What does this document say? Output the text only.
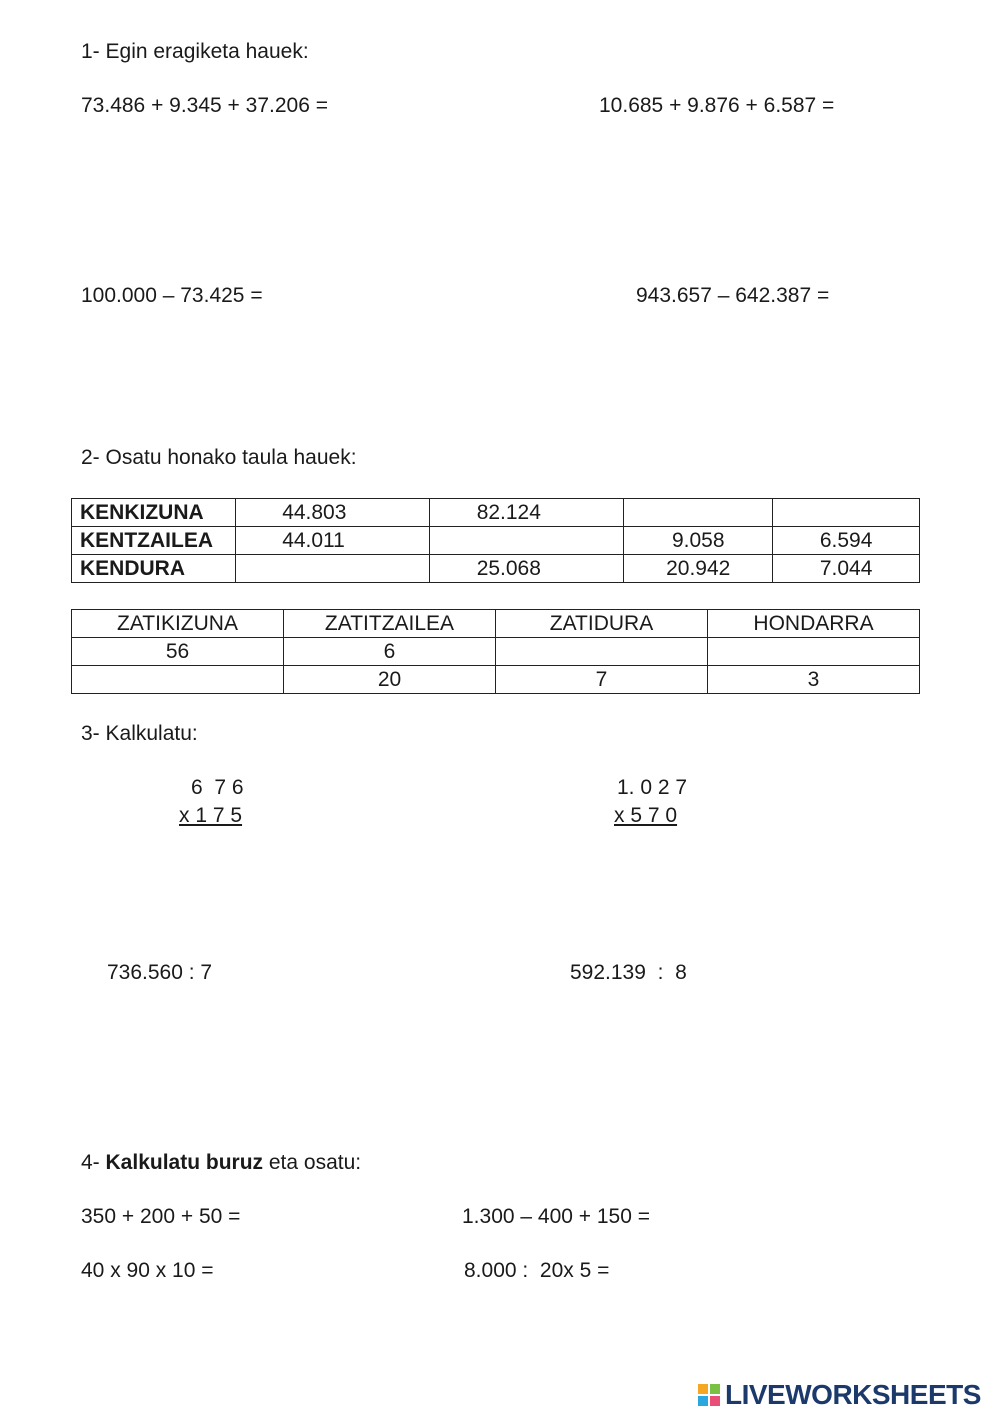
1- Egin eragiketa hauek:
73.486 + 9.345 + 37.206 =	10.685 + 9.876 + 6.587 =
100.000 – 73.425 =	943.657 – 642.387 =
2- Osatu honako taula hauek:
KENKIZUNA	44.803	82.124		
KENTZAILEA	44.011		9.058	6.594
KENDURA		25.068	20.942	7.044
ZATIKIZUNA	ZATITZAILEA	ZATIDURA	HONDARRA
56	6		
	20	7	3
3- Kalkulatu:
6  7 6
x 1 7 5
1. 0 2 7
x 5 7 0
736.560 : 7	592.139  :  8
4- Kalkulatu buruz eta osatu:
350 + 200 + 50 =	1.300 – 400 + 150 =
40 x 90 x 10 =	8.000 :  20x 5 =
LIVEWORKSHEETS
